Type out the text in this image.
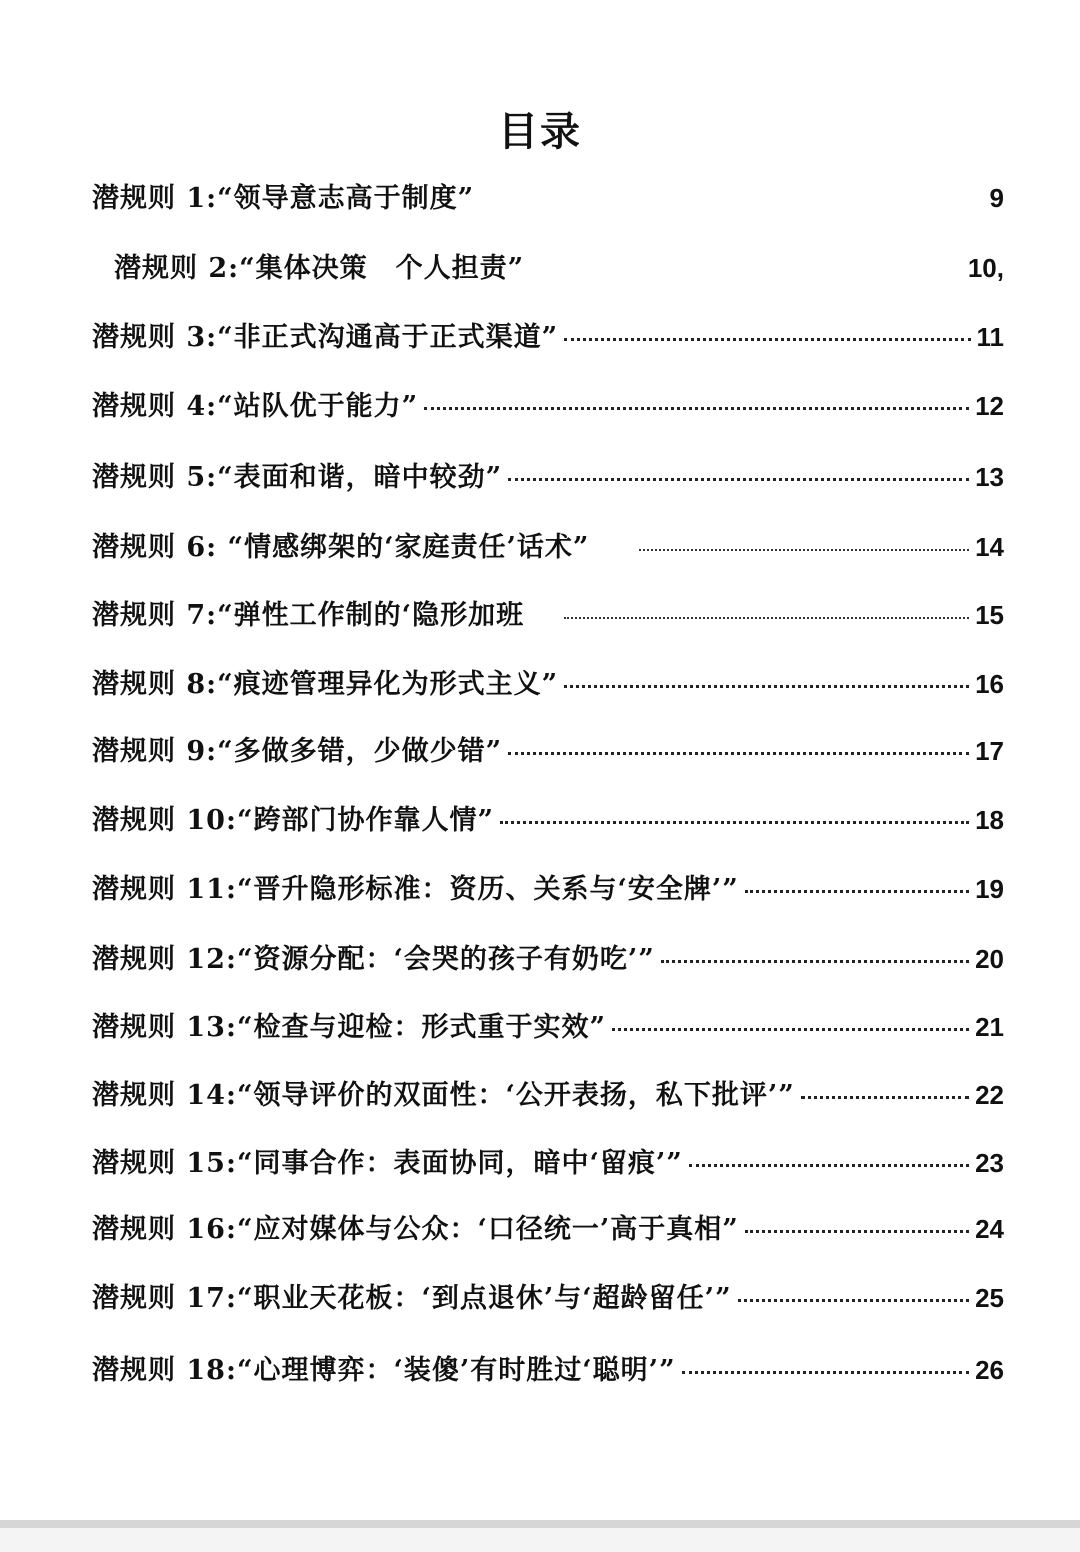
目录
潜规则 1:“领导意志高于制度”	9
潜规则 2:“集体决策　个人担责”	10,
潜规则 3:“非正式沟通高于正式渠道”	11
潜规则 4:“站队优于能力”	12
潜规则 5:“表面和谐，暗中较劲”	13
潜规则 6: “情感绑架的‘家庭责任’话术”	14
潜规则 7:“弹性工作制的‘隐形加班	15
潜规则 8:“痕迹管理异化为形式主义”	16
潜规则 9:“多做多错，少做少错”	17
潜规则 10:“跨部门协作靠人情”	18
潜规则 11:“晋升隐形标准：资历、关系与‘安全牌’”	19
潜规则 12:“资源分配：‘会哭的孩子有奶吃’”	20
潜规则 13:“检查与迎检：形式重于实效”	21
潜规则 14:“领导评价的双面性：‘公开表扬，私下批评’”	22
潜规则 15:“同事合作：表面协同，暗中‘留痕’”	23
潜规则 16:“应对媒体与公众：‘口径统一’高于真相”	24
潜规则 17:“职业天花板：‘到点退休’与‘超龄留任’”	25
潜规则 18:“心理博弈：‘装傻’有时胜过‘聪明’”	26
